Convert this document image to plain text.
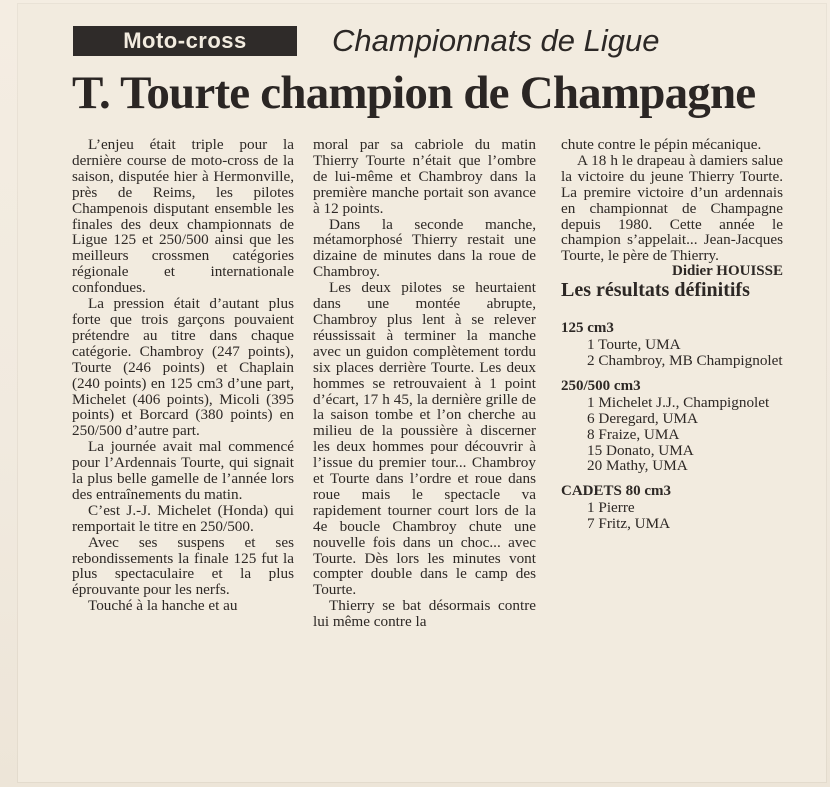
Moto-cross	Championnats de Ligue
T. Tourte champion de Champagne

L’enjeu était triple pour la dernière course de moto-cross de la saison, disputée hier à Hermonville, près de Reims, les pilotes Champenois disputant ensemble les finales des deux championnats de Ligue 125 et 250/500 ainsi que les meilleurs crossmen catégories régionale et internationale confondues.

La pression était d’autant plus forte que trois garçons pouvaient prétendre au titre dans chaque catégorie. Chambroy (247 points), Tourte (246 points) et Chaplain (240 points) en 125 cm3 d’une part, Michelet (406 points), Micoli (395 points) et Borcard (380 points) en 250/500 d’autre part.

La journée avait mal commencé pour l’Ardennais Tourte, qui signait la plus belle gamelle de l’année lors des entraînements du matin.

C’est J.-J. Michelet (Honda) qui remportait le titre en 250/500.

Avec ses suspens et ses rebondissements la finale 125 fut la plus spectaculaire et la plus éprouvante pour les nerfs.

Touché à la hanche et au

moral par sa cabriole du matin Thierry Tourte n’était que l’ombre de lui-même et Chambroy dans la première manche portait son avance à 12 points.

Dans la seconde manche, métamorphosé Thierry restait une dizaine de minutes dans la roue de Chambroy.

Les deux pilotes se heurtaient dans une montée abrupte, Chambroy plus lent à se relever réussissait à terminer la manche avec un guidon complètement tordu six places derrière Tourte. Les deux hommes se retrouvaient à 1 point d’écart, 17 h 45, la dernière grille de la saison tombe et l’on cherche au milieu de la poussière à discerner les deux hommes pour découvrir à l’issue du premier tour... Chambroy et Tourte dans l’ordre et roue dans roue mais le spectacle va rapidement tourner court lors de la 4e boucle Chambroy chute une nouvelle fois dans un choc... avec Tourte. Dès lors les minutes vont compter double dans le camp des Tourte.

Thierry se bat désormais contre lui même contre la

chute contre le pépin mécanique.

A 18 h le drapeau à damiers salue la victoire du jeune Thierry Tourte. La premire victoire d’un ardennais en championnat de Champagne depuis 1980. Cette année le champion s’appelait... Jean-Jacques Tourte, le père de Thierry.

Didier HOUISSE

Les résultats définitifs

125 cm3

1 Tourte, UMA

2 Chambroy, MB Champignolet

250/500 cm3

1 Michelet J.J., Champignolet

6 Deregard, UMA

8 Fraize, UMA

15 Donato, UMA

20 Mathy, UMA

CADETS 80 cm3

1 Pierre

7 Fritz, UMA
